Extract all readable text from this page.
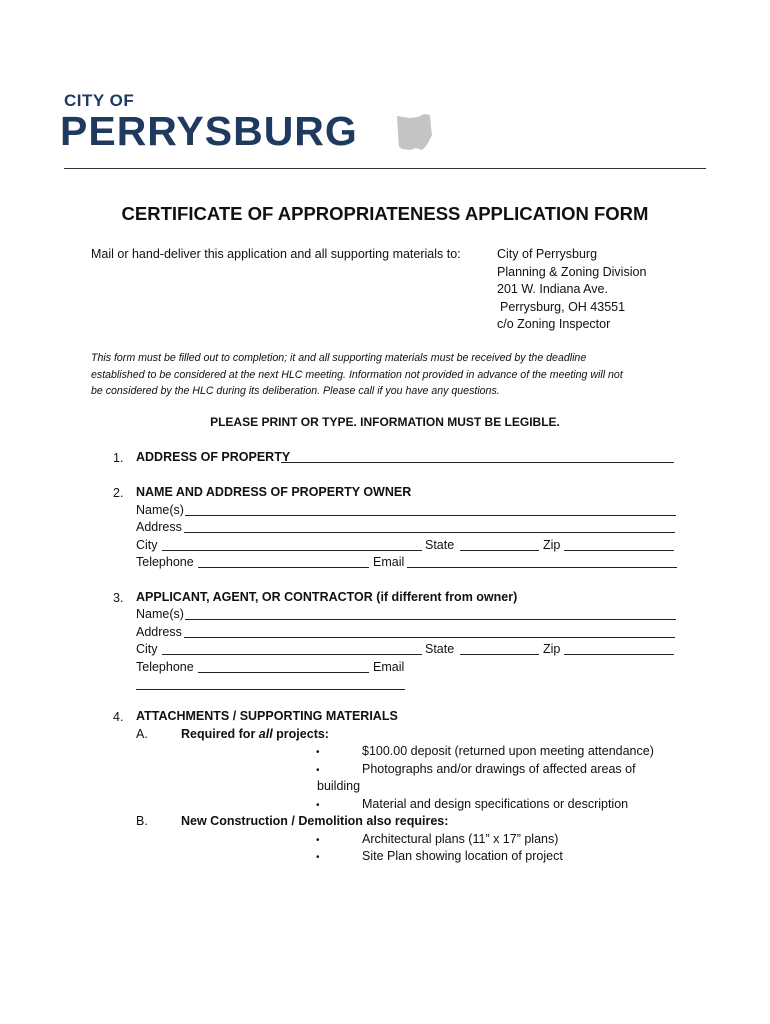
CITY OF
PERRYSBURG
CERTIFICATE OF APPROPRIATENESS APPLICATION FORM
Mail or hand-deliver this application and all supporting materials to:	City of Perrysburg
Planning & Zoning Division
201 W. Indiana Ave.
Perrysburg, OH 43551
c/o Zoning Inspector
This form must be filled out to completion; it and all supporting materials must be received by the deadline
established to be considered at the next HLC meeting. Information not provided in advance of the meeting will not
be considered by the HLC during its deliberation. Please call if you have any questions.
PLEASE PRINT OR TYPE. INFORMATION MUST BE LEGIBLE.
1. ADDRESS OF PROPERTY
2. NAME AND ADDRESS OF PROPERTY OWNER
Name(s)
Address
City	State	Zip
Telephone	Email
3. APPLICANT, AGENT, OR CONTRACTOR (if different from owner)
Name(s)
Address
City	State	Zip
Telephone	Email
4. ATTACHMENTS / SUPPORTING MATERIALS
A.	Required for all projects:
•	$100.00 deposit (returned upon meeting attendance)
•	Photographs and/or drawings of affected areas of
building
•	Material and design specifications or description
B.	New Construction / Demolition also requires:
•	Architectural plans (11” x 17” plans)
•	Site Plan showing location of project
